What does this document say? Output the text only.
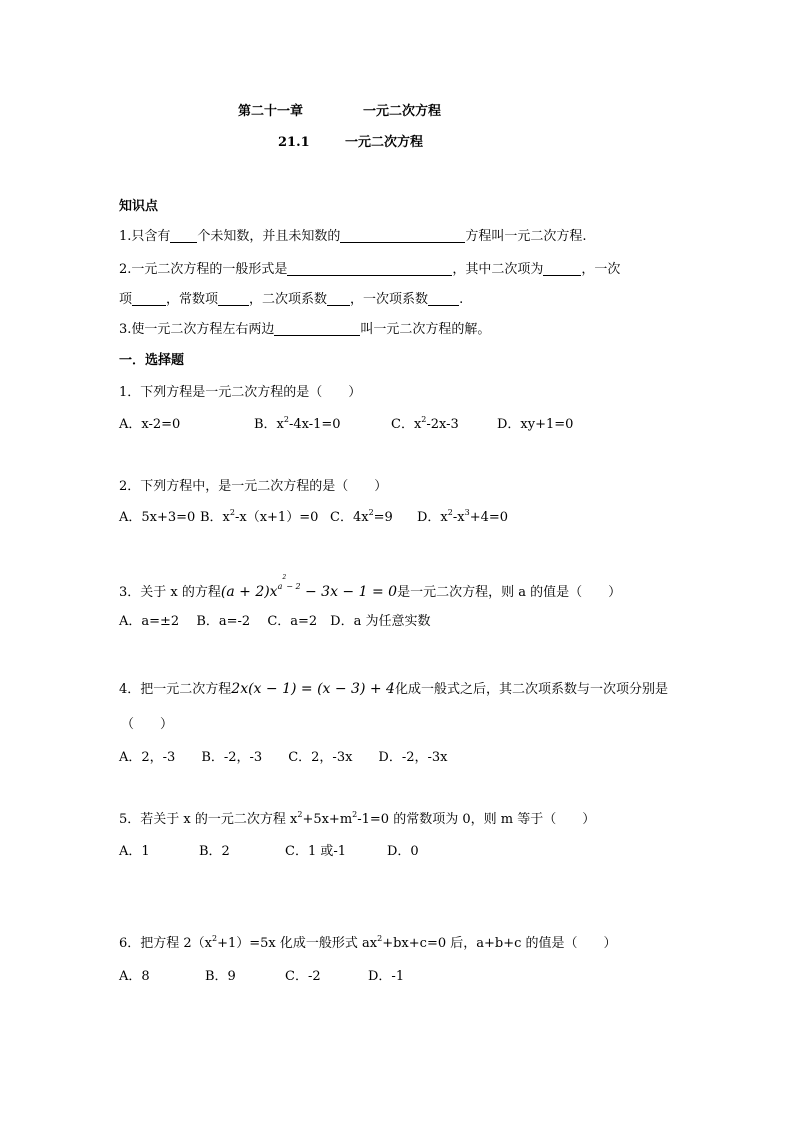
第二十一章	一元二次方程
21.1	一元二次方程
知识点
1.只含有 个未知数，并且未知数的	方程叫一元二次方程.
2.一元二次方程的一般形式是	，其中二次项为	，一次
项	，常数项 ，二次项系数 ，一次项系数 .
3.使一元二次方程左右两边	叫一元二次方程的解。
一．选择题
1．下列方程是一元二次方程的是（　　）
A．x-2=0	B．$x^2-4x-1=0$	C．$x^2-2x-3$	D．xy+1=0
2．下列方程中，是一元二次方程的是（　　）
A．5x+3=0 B．$x^2-x(x+1)=0$ C．$4x^2=9$ D．$x^2-x^3+4=0$
3．关于 x 的方程$(a + 2)x^{a^2- 2} - 3x - 1 = 0$是一元二次方程，则 a 的值是（　　）
A．a=±2　 B．a=-2　 C．a=2　D．a 为任意实数
4．把一元二次方程2x(x − 1) = (x − 3) + 4化成一般式之后，其二次项系数与一次项分别是
（　　）
A．2，-3　　B．-2，-3　　C．2，-3x　　D．-2，-3x
5．若关于 x 的一元二次方程 $x^2+5x+m^2-1=0$ 的常数项为 0，则 m 等于（　　）
A．1	B．2	C．1 或-1	D．0
6．把方程 $2(x^2+1)=5x$ 化成一般形式 $ax^2+bx+c=0$ 后，a+b+c 的值是（　　）
A．8	B．9	C．-2	D．-1
